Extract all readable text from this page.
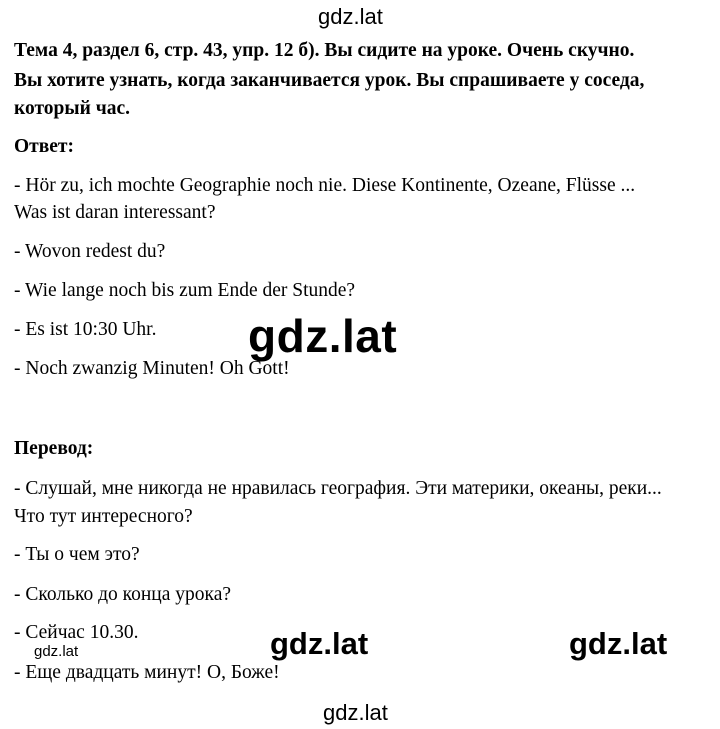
gdz.lat
Тема 4, раздел 6, стр. 43, упр. 12 б). Вы сидите на уроке. Очень скучно.
Вы хотите узнать, когда заканчивается урок. Вы спрашиваете у соседа,
который час.
Ответ:
- Hör zu, ich mochte Geographie noch nie. Diese Kontinente, Ozeane, Flüsse ...
Was ist daran interessant?
- Wovon redest du?
- Wie lange noch bis zum Ende der Stunde?
- Es ist 10:30 Uhr.
- Noch zwanzig Minuten! Oh Gott!
gdz.lat
Перевод:
- Слушай, мне никогда не нравилась география. Эти материки, океаны, реки...
Что тут интересного?
- Ты о чем это?
- Сколько до конца урока?
- Сейчас 10.30.
- Еще двадцать минут! О, Боже!
gdz.lat	gdz.lat
gdz.lat
gdz.lat
